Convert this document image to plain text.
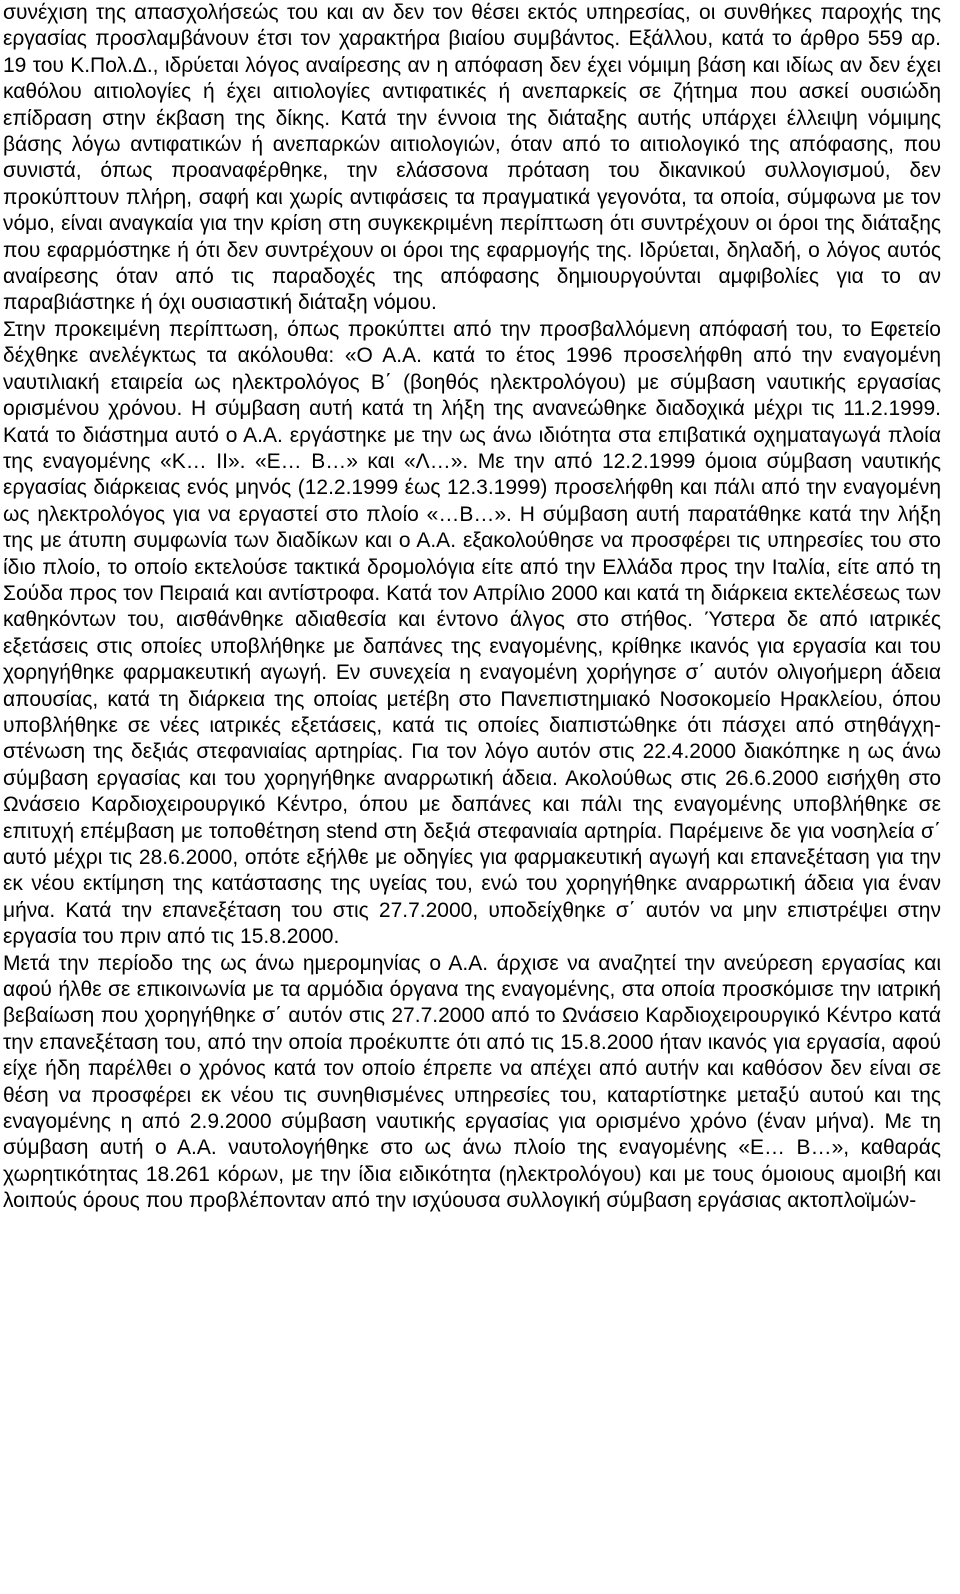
συνέχιση της απασχολήσεώς του και αν δεν τον θέσει εκτός υπηρεσίας, οι συνθήκες παροχής της εργασίας προσλαμβάνουν έτσι τον χαρακτήρα βιαίου συμβάντος. Εξάλλου, κατά το άρθρο 559 αρ. 19 του Κ.Πολ.Δ., ιδρύεται λόγος αναίρεσης αν η απόφαση δεν έχει νόμιμη βάση και ιδίως αν δεν έχει καθόλου αιτιολογίες ή έχει αιτιολογίες αντιφατικές ή ανεπαρκείς σε ζήτημα που ασκεί ουσιώδη επίδραση στην έκβαση της δίκης. Κατά την έννοια της διάταξης αυτής υπάρχει έλλειψη νόμιμης βάσης λόγω αντιφατικών ή ανεπαρκών αιτιολογιών, όταν από το αιτιολογικό της απόφασης, που συνιστά, όπως προαναφέρθηκε, την ελάσσονα πρόταση του δικανικού συλλογισμού, δεν προκύπτουν πλήρη, σαφή και χωρίς αντιφάσεις τα πραγματικά γεγονότα, τα οποία, σύμφωνα με τον νόμο, είναι αναγκαία για την κρίση στη συγκεκριμένη περίπτωση ότι συντρέχουν οι όροι της διάταξης που εφαρμόστηκε ή ότι δεν συντρέχουν οι όροι της εφαρμογής της. Ιδρύεται, δηλαδή, ο λόγος αυτός αναίρεσης όταν από τις παραδοχές της απόφασης δημιουργούνται αμφιβολίες για το αν παραβιάστηκε ή όχι ουσιαστική διάταξη νόμου.

Στην προκειμένη περίπτωση, όπως προκύπτει από την προσβαλλόμενη απόφασή του, το Εφετείο δέχθηκε ανελέγκτως τα ακόλουθα: «Ο Α.Α. κατά το έτος 1996 προσελήφθη από την εναγομένη ναυτιλιακή εταιρεία ως ηλεκτρολόγος Β΄ (βοηθός ηλεκτρολόγου) με σύμβαση ναυτικής εργασίας ορισμένου χρόνου. Η σύμβαση αυτή κατά τη λήξη της ανανεώθηκε διαδοχικά μέχρι τις 11.2.1999. Κατά το διάστημα αυτό ο Α.Α. εργάστηκε με την ως άνω ιδιότητα στα επιβατικά οχηματαγωγά πλοία της εναγομένης «Κ… ΙΙ». «Ε… Β…» και «Λ…». Με την από 12.2.1999 όμοια σύμβαση ναυτικής εργασίας διάρκειας ενός μηνός (12.2.1999 έως 12.3.1999) προσελήφθη και πάλι από την εναγομένη ως ηλεκτρολόγος για να εργαστεί στο πλοίο «…Β…». Η σύμβαση αυτή παρατάθηκε κατά την λήξη της με άτυπη συμφωνία των διαδίκων και ο Α.Α. εξακολούθησε να προσφέρει τις υπηρεσίες του στο ίδιο πλοίο, το οποίο εκτελούσε τακτικά δρομολόγια είτε από την Ελλάδα προς την Ιταλία, είτε από τη Σούδα προς τον Πειραιά και αντίστροφα. Κατά τον Απρίλιο 2000 και κατά τη διάρκεια εκτελέσεως των καθηκόντων του, αισθάνθηκε αδιαθεσία και έντονο άλγος στο στήθος. Ύστερα δε από ιατρικές εξετάσεις στις οποίες υποβλήθηκε με δαπάνες της εναγομένης, κρίθηκε ικανός για εργασία και του χορηγήθηκε φαρμακευτική αγωγή. Εν συνεχεία η εναγομένη χορήγησε σ΄ αυτόν ολιγοήμερη άδεια απουσίας, κατά τη διάρκεια της οποίας μετέβη στο Πανεπιστημιακό Νοσοκομείο Ηρακλείου, όπου υποβλήθηκε σε νέες ιατρικές εξετάσεις, κατά τις οποίες διαπιστώθηκε ότι πάσχει από στηθάγχη-στένωση της δεξιάς στεφανιαίας αρτηρίας. Για τον λόγο αυτόν στις 22.4.2000 διακόπηκε η ως άνω σύμβαση εργασίας και του χορηγήθηκε αναρρωτική άδεια. Ακολούθως στις 26.6.2000 εισήχθη στο Ωνάσειο Καρδιοχειρουργικό Κέντρο, όπου με δαπάνες και πάλι της εναγομένης υποβλήθηκε σε επιτυχή επέμβαση με τοποθέτηση stend στη δεξιά στεφανιαία αρτηρία. Παρέμεινε δε για νοσηλεία σ΄ αυτό μέχρι τις 28.6.2000, οπότε εξήλθε με οδηγίες για φαρμακευτική αγωγή και επανεξέταση για την εκ νέου εκτίμηση της κατάστασης της υγείας του, ενώ του χορηγήθηκε αναρρωτική άδεια για έναν μήνα. Κατά την επανεξέταση του στις 27.7.2000, υποδείχθηκε σ΄ αυτόν να μην επιστρέψει στην εργασία του πριν από τις 15.8.2000.

Μετά την περίοδο της ως άνω ημερομηνίας ο Α.Α. άρχισε να αναζητεί την ανεύρεση εργασίας και αφού ήλθε σε επικοινωνία με τα αρμόδια όργανα της εναγομένης, στα οποία προσκόμισε την ιατρική βεβαίωση που χορηγήθηκε σ΄ αυτόν στις 27.7.2000 από το Ωνάσειο Καρδιοχειρουργικό Κέντρο κατά την επανεξέταση του, από την οποία προέκυπτε ότι από τις 15.8.2000 ήταν ικανός για εργασία, αφού είχε ήδη παρέλθει ο χρόνος κατά τον οποίο έπρεπε να απέχει από αυτήν και καθόσον δεν είναι σε θέση να προσφέρει εκ νέου τις συνηθισμένες υπηρεσίες του, καταρτίστηκε μεταξύ αυτού και της εναγομένης η από 2.9.2000 σύμβαση ναυτικής εργασίας για ορισμένο χρόνο (έναν μήνα). Με τη σύμβαση αυτή ο Α.Α. ναυτολογήθηκε στο ως άνω πλοίο της εναγομένης «Ε… Β…», καθαράς χωρητικότητας 18.261 κόρων, με την ίδια ειδικότητα (ηλεκτρολόγου) και με τους όμοιους αμοιβή και λοιπούς όρους που προβλέπονταν από την ισχύουσα συλλογική σύμβαση εργάσιας ακτοπλοϊμών-
